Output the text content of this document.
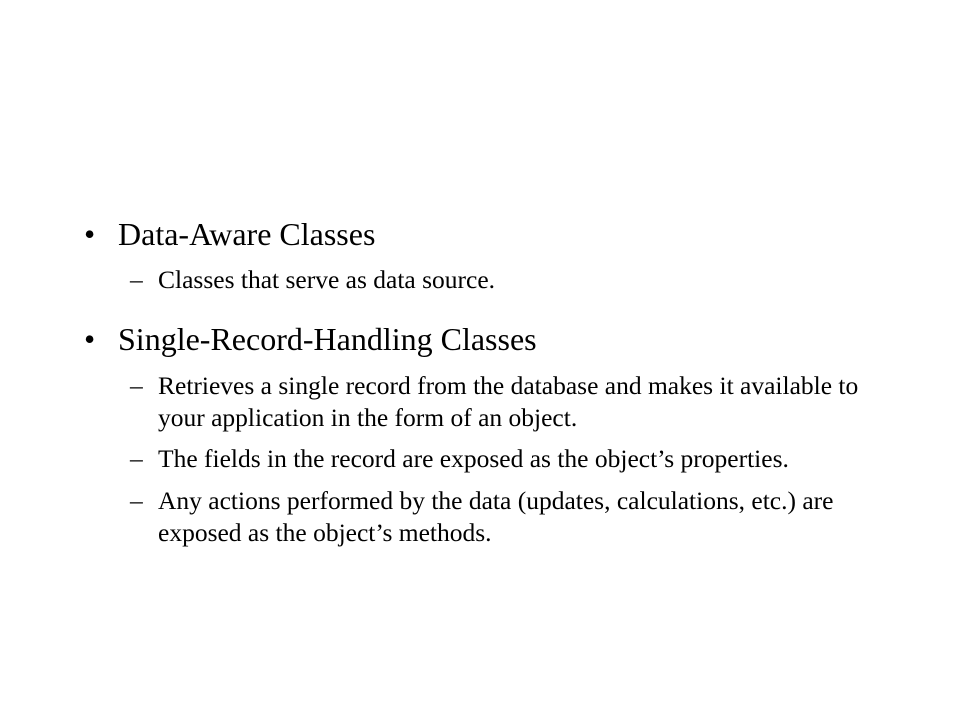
• Data-Aware Classes
– Classes that serve as data source.
• Single-Record-Handling Classes
– Retrieves a single record from the database and makes it available to your application in the form of an object.
– The fields in the record are exposed as the object’s properties.
– Any actions performed by the data (updates, calculations, etc.) are exposed as the object’s methods.
